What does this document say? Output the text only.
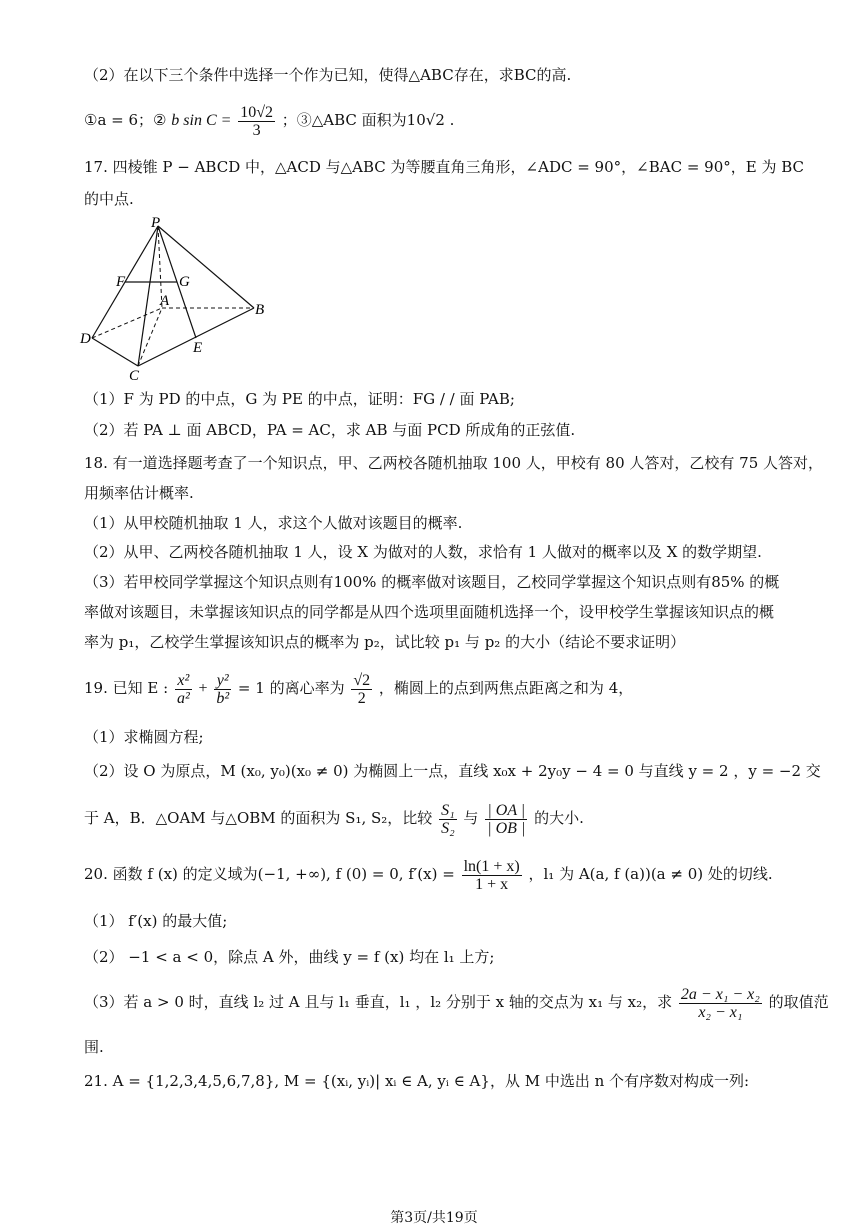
（2）在以下三个条件中选择一个作为已知，使得△ABC存在，求BC的高.
①a = 6；② b $\sin C = \frac{10√2}{3}$ ；③△ABC 面积为10√2 .
17. 四棱锥 P − ABCD 中，△ACD 与△ABC 为等腰直角三角形，∠ADC = 90°，∠BAC = 90°，E 为 BC
的中点.
P
F	G
A
B
D
E
C
（1）F 为 PD 的中点，G 为 PE 的中点，证明：FG / / 面 PAB;
（2）若 PA ⊥ 面 ABCD，PA = AC，求 AB 与面 PCD 所成角的正弦值.
18. 有一道选择题考查了一个知识点，甲、乙两校各随机抽取 100 人，甲校有 80 人答对，乙校有 75 人答对，
用频率估计概率.
（1）从甲校随机抽取 1 人，求这个人做对该题目的概率.
（2）从甲、乙两校各随机抽取 1 人，设 X 为做对的人数，求恰有 1 人做对的概率以及 X 的数学期望.
（3）若甲校同学掌握这个知识点则有100% 的概率做对该题目，乙校同学掌握这个知识点则有85% 的概
率做对该题目，未掌握该知识点的同学都是从四个选项里面随机选择一个，设甲校学生掌握该知识点的概
率为 p₁，乙校学生掌握该知识点的概率为 p₂，试比较 p₁ 与 p₂ 的大小（结论不要求证明）
19. 已知 E : $\frac{\text{x²}}{\text{a²}} + \frac{\text{y²}}{\text{b²}} = 1$ 的离心率为 $\frac{√2}{2}$ ，椭圆上的点到两焦点距离之和为 4，
（1）求椭圆方程;
（2）设 O 为原点，M (x₀, y₀)(x₀ ≠ 0) 为椭圆上一点，直线 x₀x + 2y₀y − 4 = 0 与直线 y = 2 ，y = −2 交
于 A，B．△OAM 与△OBM 的面积为 S₁, S₂，比较 $\frac{\text{S₁}}{\text{S₂}}$ 与 $\frac{| OA |}{| OB |}$ 的大小.
20. 函数 f (x) 的定义域为(−1, +∞), f (0) = 0, $f'(x) = \frac{\ln(1 + x)}{1 + x}$ ，l₁ 为 A(a, f (a))(a ≠ 0) 处的切线.
（1） f′(x) 的最大值;
（2） −1 < a < 0，除点 A 外，曲线 y = f (x) 均在 l₁ 上方;
（3）若 a > 0 时，直线 l₂ 过 A 且与 l₁ 垂直，l₁ ，l₂ 分别于 x 轴的交点为 x₁ 与 x₂，求 $\frac{\text{2a − x₁ − x₂}}{\text{x₂ − x₁}}$ 的取值范
围.
21. A = {1,2,3,4,5,6,7,8}, M = {(xᵢ, yᵢ)| xᵢ ∈ A, yᵢ ∈ A}，从 M 中选出 n 个有序数对构成一列:
第3页/共19页
